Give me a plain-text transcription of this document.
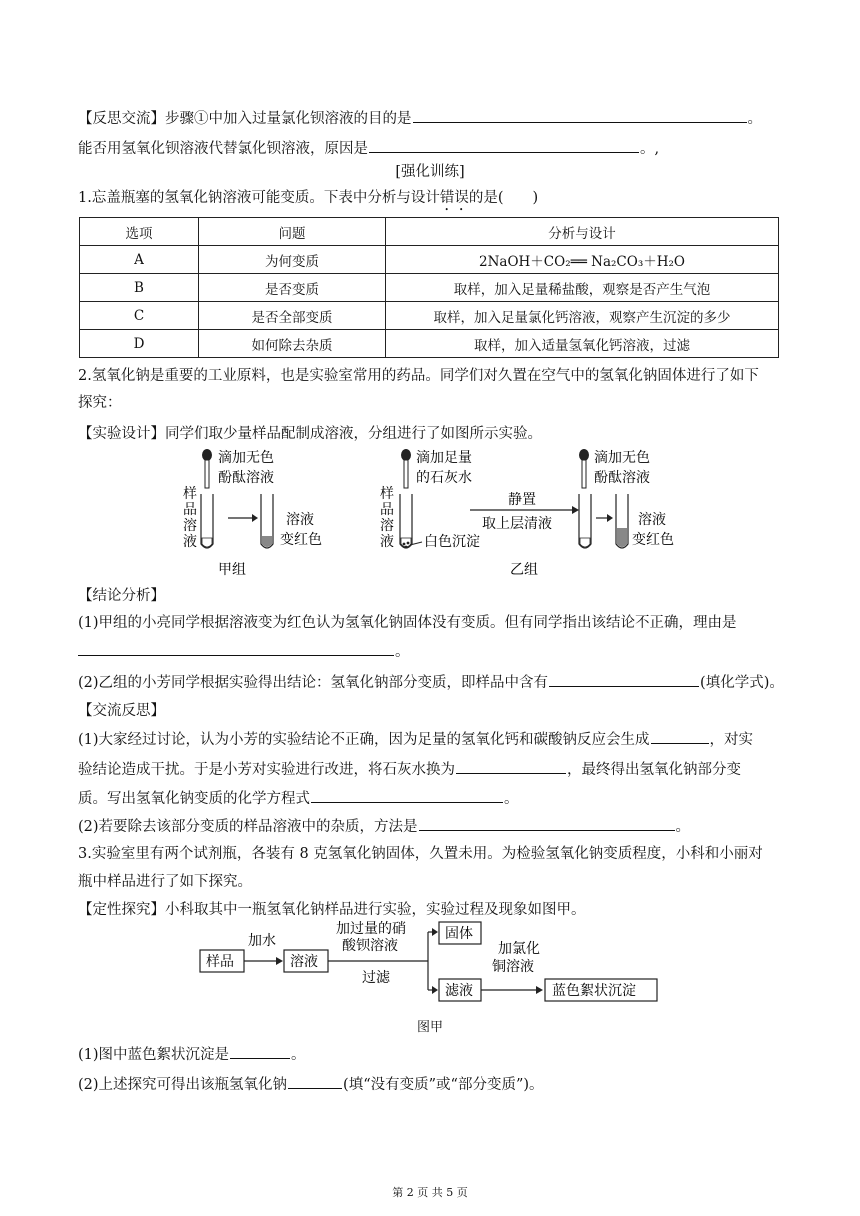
【反思交流】步骤①中加入过量氯化钡溶液的目的是	。
能否用氢氧化钡溶液代替氯化钡溶液，原因是	。,
[强化训练]
1.忘盖瓶塞的氢氧化钠溶液可能变质。下表中分析与设计错误的是(　　)
选项	问题	分析与设计
A	为何变质	2NaOH＋CO₂══ Na₂CO₃＋H₂O
B	是否变质	取样，加入足量稀盐酸，观察是否产生气泡
C	是否全部变质	取样，加入足量氯化钙溶液，观察产生沉淀的多少
D	如何除去杂质	取样，加入适量氢氧化钙溶液，过滤
2.氢氧化钠是重要的工业原料，也是实验室常用的药品。同学们对久置在空气中的氢氧化钠固体进行了如下
探究：
【实验设计】同学们取少量样品配制成溶液，分组进行了如图所示实验。
滴加无色
酚酞溶液
样
品
溶
液
溶液
变红色
甲组
滴加足量
的石灰水
样
品
溶
液 白色沉淀
静置
取上层清液
滴加无色
酚酞溶液
溶液
变红色
乙组
【结论分析】
(1)甲组的小亮同学根据溶液变为红色认为氢氧化钠固体没有变质。但有同学指出该结论不正确，理由是
。
(2)乙组的小芳同学根据实验得出结论：氢氧化钠部分变质，即样品中含有	(填化学式)。
【交流反思】
(1)大家经过讨论，认为小芳的实验结论不正确，因为足量的氢氧化钙和碳酸钠反应会生成	，对实
验结论造成干扰。于是小芳对实验进行改进，将石灰水换为	，最终得出氢氧化钠部分变
质。写出氢氧化钠变质的化学方程式	。
(2)若要除去该部分变质的样品溶液中的杂质，方法是	。
3.实验室里有两个试剂瓶，各装有 8 克氢氧化钠固体，久置未用。为检验氢氧化钠变质程度，小科和小丽对
瓶中样品进行了如下探究。
【定性探究】小科取其中一瓶氢氧化钠样品进行实验，实验过程及现象如图甲。
样品
加水
溶液
加过量的硝
酸钡溶液
过滤
固体
滤液
加氯化
铜溶液
蓝色絮状沉淀
图甲
(1)图中蓝色絮状沉淀是	。
(2)上述探究可得出该瓶氢氧化钠	(填“没有变质”或“部分变质”)。
第 2 页 共 5 页
